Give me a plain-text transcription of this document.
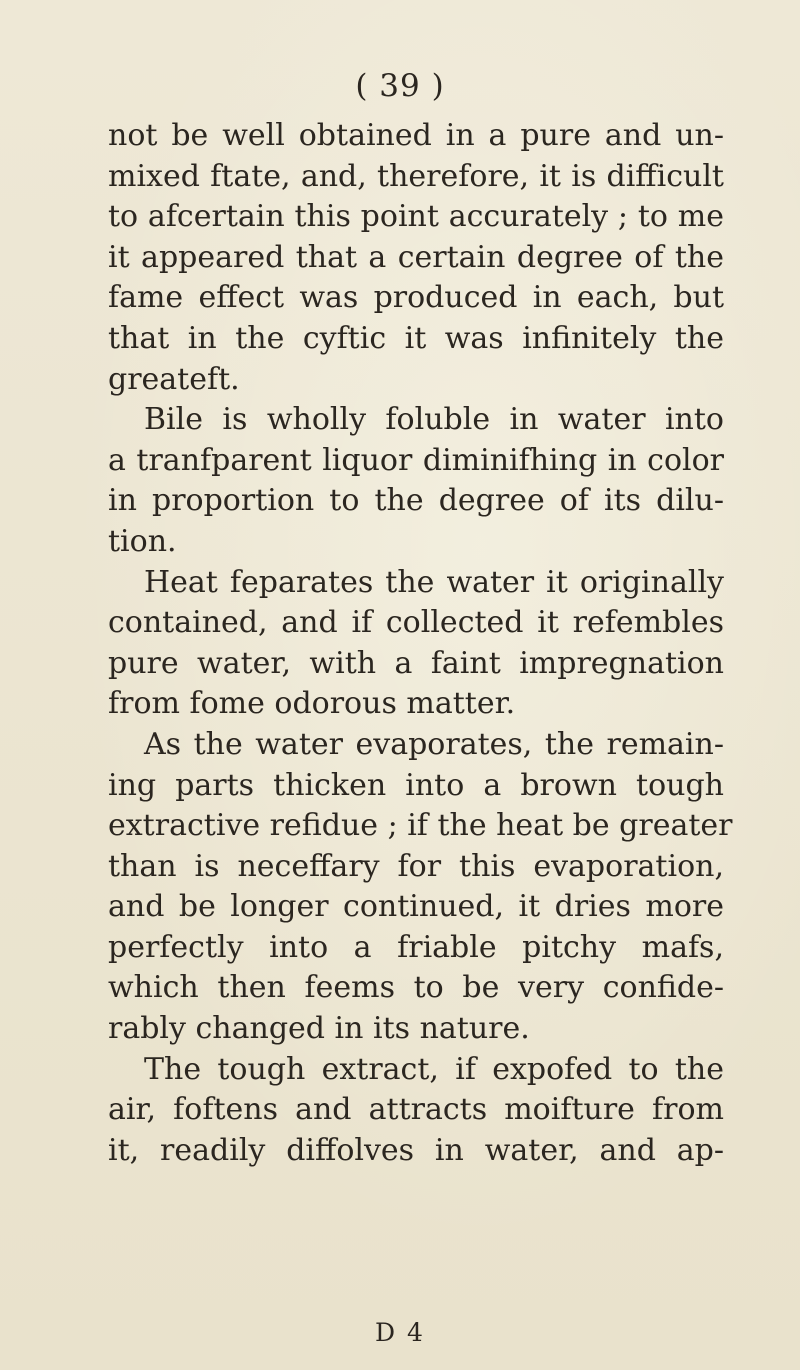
( 39 )
not be well obtained in a pure and un-
mixed ftate, and, therefore, it is difficult
to afcertain this point accurately ; to me
it appeared that a certain degree of the
fame effect was produced in each, but
that in the cyftic it was infinitely the
greateft.
Bile is wholly foluble in water into
a tranfparent liquor diminifhing in color
in proportion to the degree of its dilu-
tion.
Heat feparates the water it originally
contained, and if collected it refembles
pure water, with a faint impregnation
from fome odorous matter.
As the water evaporates, the remain-
ing parts thicken into a brown tough
extractive refidue ; if the heat be greater
than is neceffary for this evaporation,
and be longer continued, it dries more
perfectly into a friable pitchy mafs,
which then feems to be very confide-
rably changed in its nature.
The tough extract, if expofed to the
air, foftens and attracts moifture from
it, readily diffolves in water, and ap-
D 4
